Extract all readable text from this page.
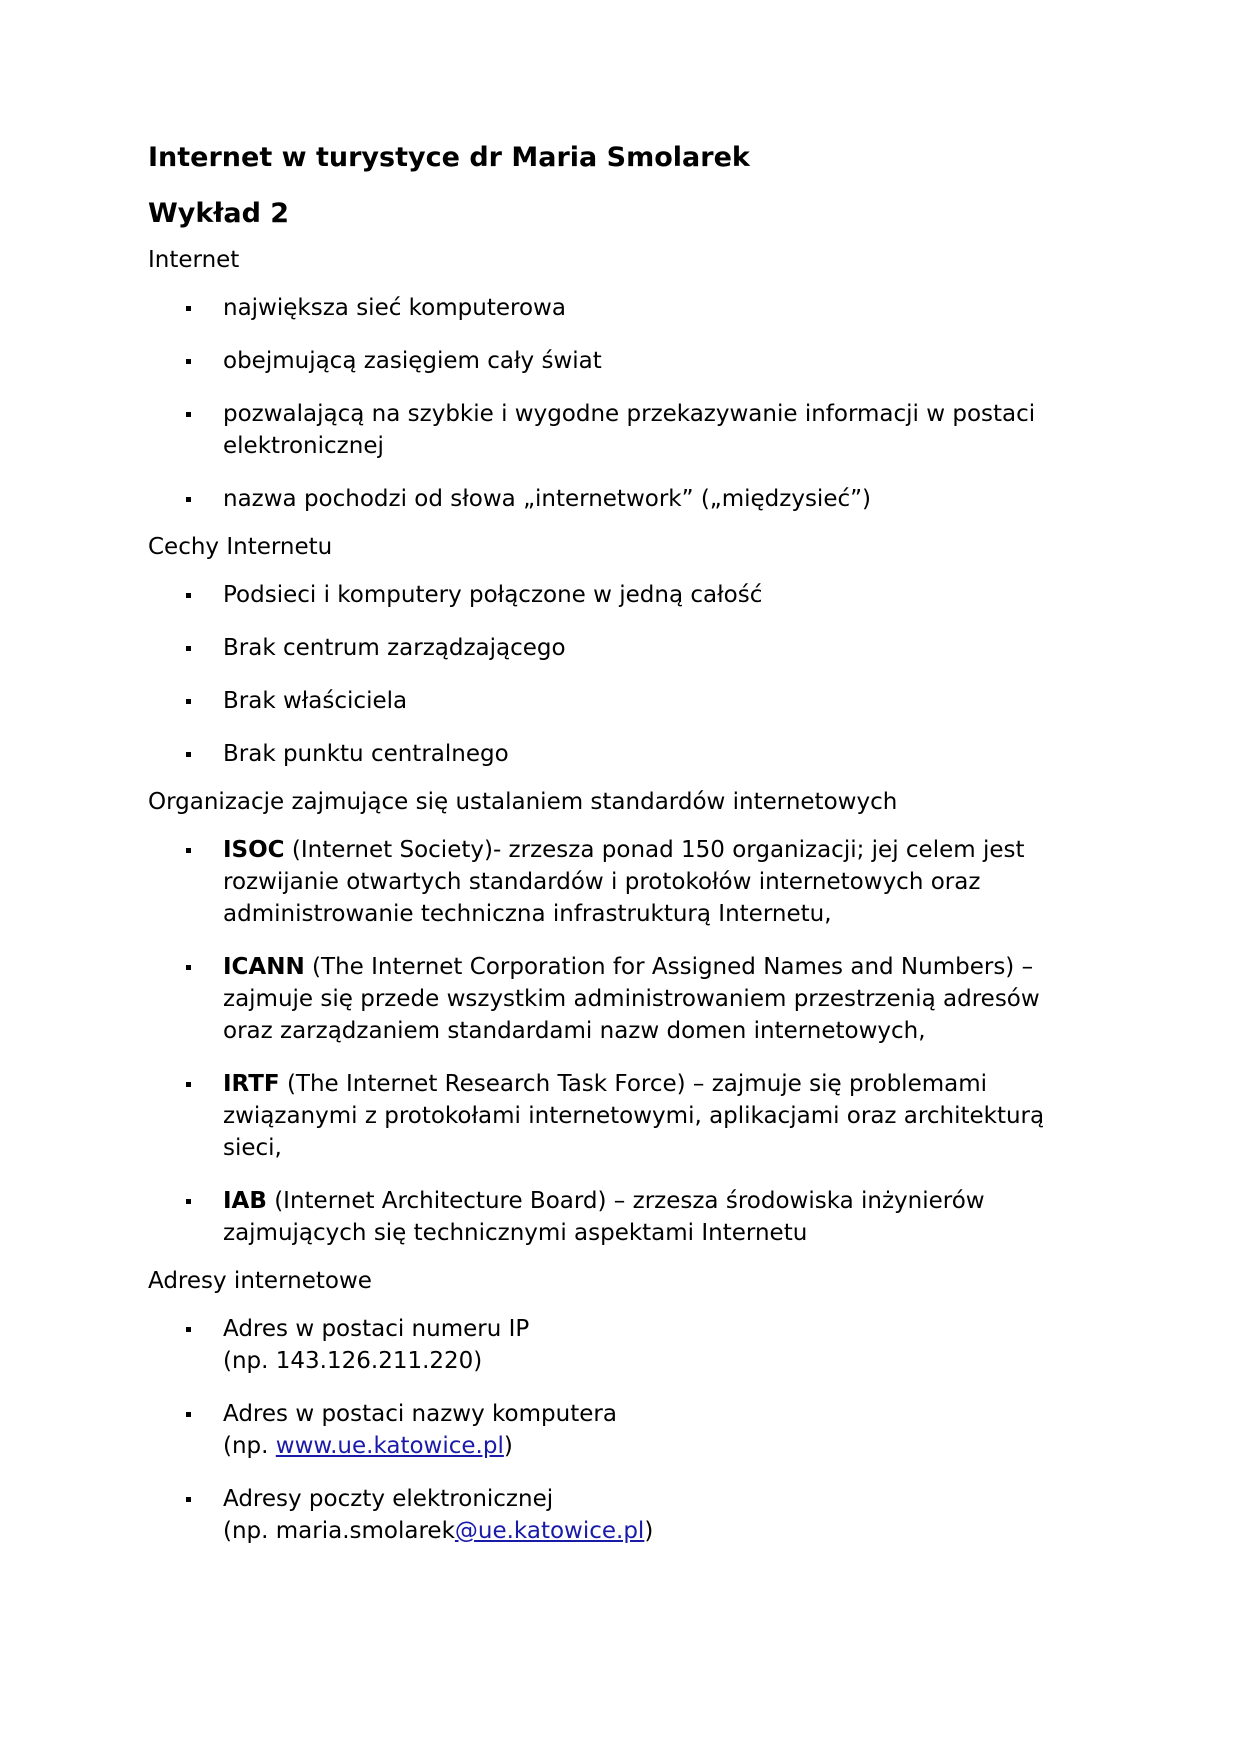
Internet w turystyce dr Maria Smolarek
Wykład 2
Internet
największa sieć komputerowa
obejmującą zasięgiem cały świat
pozwalającą na szybkie i wygodne przekazywanie informacji w postaci elektronicznej
nazwa pochodzi od słowa „internetwork” („międzysieć”)
Cechy Internetu
Podsieci i komputery połączone w jedną całość
Brak centrum zarządzającego
Brak właściciela
Brak punktu centralnego
Organizacje zajmujące się ustalaniem standardów internetowych
ISOC (Internet Society)- zrzesza ponad 150 organizacji; jej celem jest rozwijanie otwartych standardów i protokołów internetowych oraz administrowanie techniczna infrastrukturą Internetu,
ICANN (The Internet Corporation for Assigned Names and Numbers) – zajmuje się przede wszystkim administrowaniem przestrzenią adresów oraz zarządzaniem standardami nazw domen internetowych,
IRTF (The Internet Research Task Force) – zajmuje się problemami związanymi z protokołami internetowymi, aplikacjami oraz architekturą sieci,
IAB (Internet Architecture Board) – zrzesza środowiska inżynierów zajmujących się technicznymi aspektami Internetu
Adresy internetowe
Adres w postaci numeru IP
(np. 143.126.211.220)
Adres w postaci nazwy komputera
(np. www.ue.katowice.pl)
Adresy poczty elektronicznej
(np. maria.smolarek@ue.katowice.pl)
